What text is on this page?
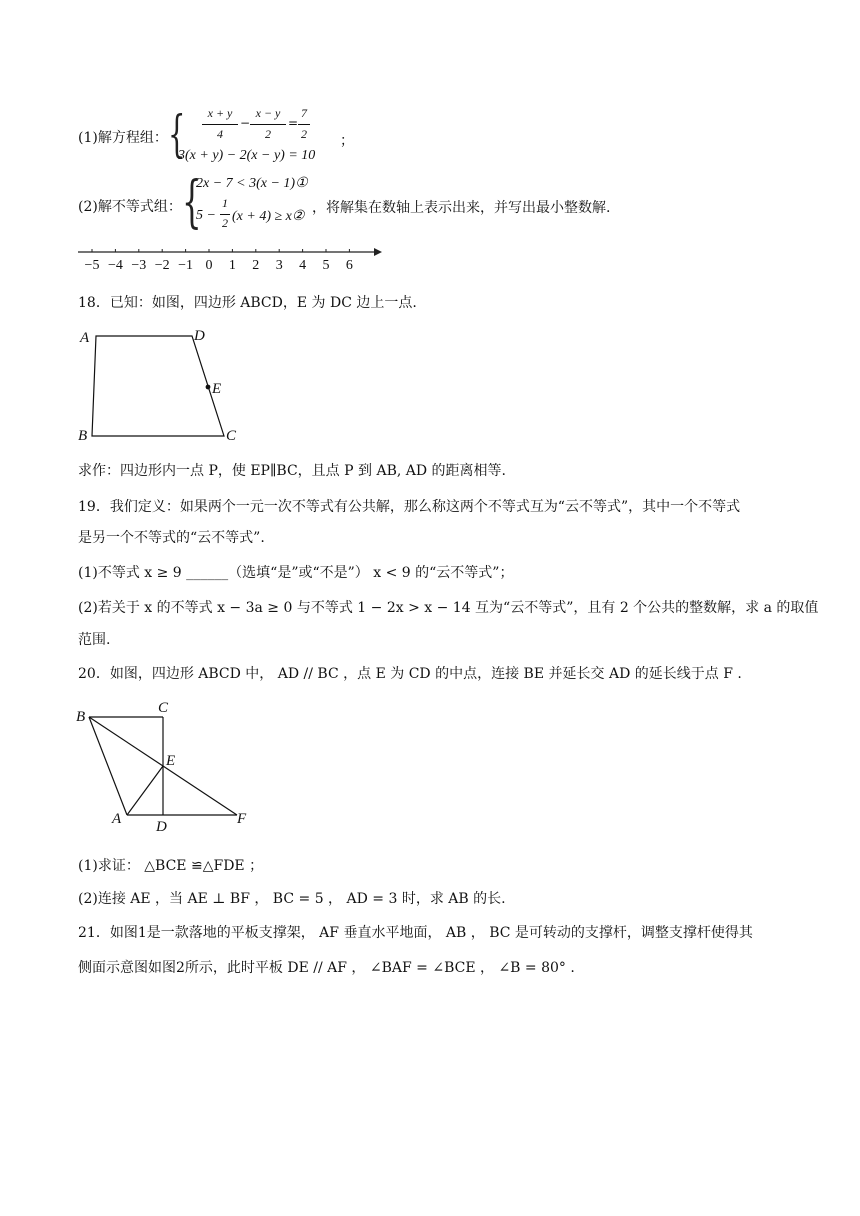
(1)解方程组： {	x + y
4
−
x − y
2
=
7
2
3(x + y) − 2(x − y) = 10
；
(2)解不等式组： {
2x − 7 < 3(x − 1)①
5 −
1
2 (x + 4) ≥ x②
，将解集在数轴上表示出来，并写出最小整数解.
−5 −4 −3 −2 −1 0 1 2 3 4 5 6
18．已知：如图，四边形 ABCD，E 为 DC 边上一点.
A	D
E
B	C
求作：四边形内一点 P，使 EP∥BC，且点 P 到 AB, AD 的距离相等.
19．我们定义：如果两个一元一次不等式有公共解，那么称这两个不等式互为“云不等式”，其中一个不等式
是另一个不等式的“云不等式”.
(1)不等式 x ≥ 9 ______（选填“是”或“不是”） x < 9 的“云不等式”；
(2)若关于 x 的不等式 x − 3a ≥ 0 与不等式 1 − 2x > x − 14 互为“云不等式”，且有 2 个公共的整数解，求 a 的取值
范围.
20．如图，四边形 ABCD 中， AD // BC ，点 E 为 CD 的中点，连接 BE 并延长交 AD 的延长线于点 F .
B
C
E
A D	F
(1)求证： △BCE ≌△FDE ；
(2)连接 AE ，当 AE ⊥ BF ， BC = 5 ， AD = 3 时，求 AB 的长.
21．如图1是一款落地的平板支撑架， AF 垂直水平地面， AB ， BC 是可转动的支撑杆，调整支撑杆使得其
侧面示意图如图2所示，此时平板 DE // AF ， ∠BAF = ∠BCE ， ∠B = 80° .
